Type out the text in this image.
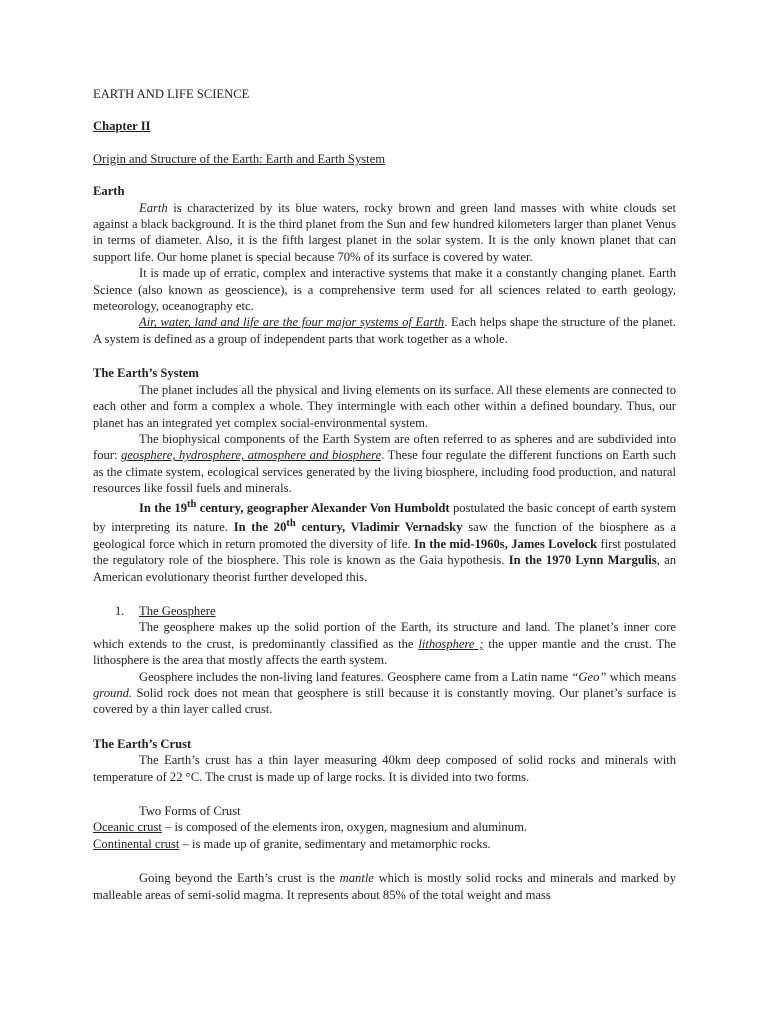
EARTH AND LIFE SCIENCE

Chapter II

Origin and Structure of the Earth: Earth and Earth System

Earth

Earth is characterized by its blue waters, rocky brown and green land masses with white clouds set against a black background. It is the third planet from the Sun and few hundred kilometers larger than planet Venus in terms of diameter. Also, it is the fifth largest planet in the solar system. It is the only known planet that can support life. Our home planet is special because 70% of its surface is covered by water.

It is made up of erratic, complex and interactive systems that make it a constantly changing planet. Earth Science (also known as geoscience), is a comprehensive term used for all sciences related to earth geology, meteorology, oceanography etc.

Air, water, land and life are the four major systems of Earth. Each helps shape the structure of the planet. A system is defined as a group of independent parts that work together as a whole.

The Earth’s System

The planet includes all the physical and living elements on its surface. All these elements are connected to each other and form a complex a whole. They intermingle with each other within a defined boundary. Thus, our planet has an integrated yet complex social-environmental system.

The biophysical components of the Earth System are often referred to as spheres and are subdivided into four: geosphere, hydrosphere, atmosphere and biosphere. These four regulate the different functions on Earth such as the climate system, ecological services generated by the living biosphere, including food production, and natural resources like fossil fuels and minerals.

In the 19th century, geographer Alexander Von Humboldt postulated the basic concept of earth system by interpreting its nature. In the 20th century, Vladimir Vernadsky saw the function of the biosphere as a geological force which in return promoted the diversity of life. In the mid-1960s, James Lovelock first postulated the regulatory role of the biosphere. This role is known as the Gaia hypothesis. In the 1970 Lynn Margulis, an American evolutionary theorist further developed this.

1. The Geosphere

The geosphere makes up the solid portion of the Earth, its structure and land. The planet’s inner core which extends to the crust, is predominantly classified as the lithosphere ; the upper mantle and the crust. The lithosphere is the area that mostly affects the earth system.

Geosphere includes the non-living land features. Geosphere came from a Latin name “Geo” which means ground. Solid rock does not mean that geosphere is still because it is constantly moving. Our planet’s surface is covered by a thin layer called crust.

The Earth’s Crust

The Earth’s crust has a thin layer measuring 40km deep composed of solid rocks and minerals with temperature of 22 °C. The crust is made up of large rocks. It is divided into two forms.

Two Forms of Crust

Oceanic crust – is composed of the elements iron, oxygen, magnesium and aluminum.

Continental crust – is made up of granite, sedimentary and metamorphic rocks.

Going beyond the Earth’s crust is the mantle which is mostly solid rocks and minerals and marked by malleable areas of semi-solid magma. It represents about 85% of the total weight and mass
